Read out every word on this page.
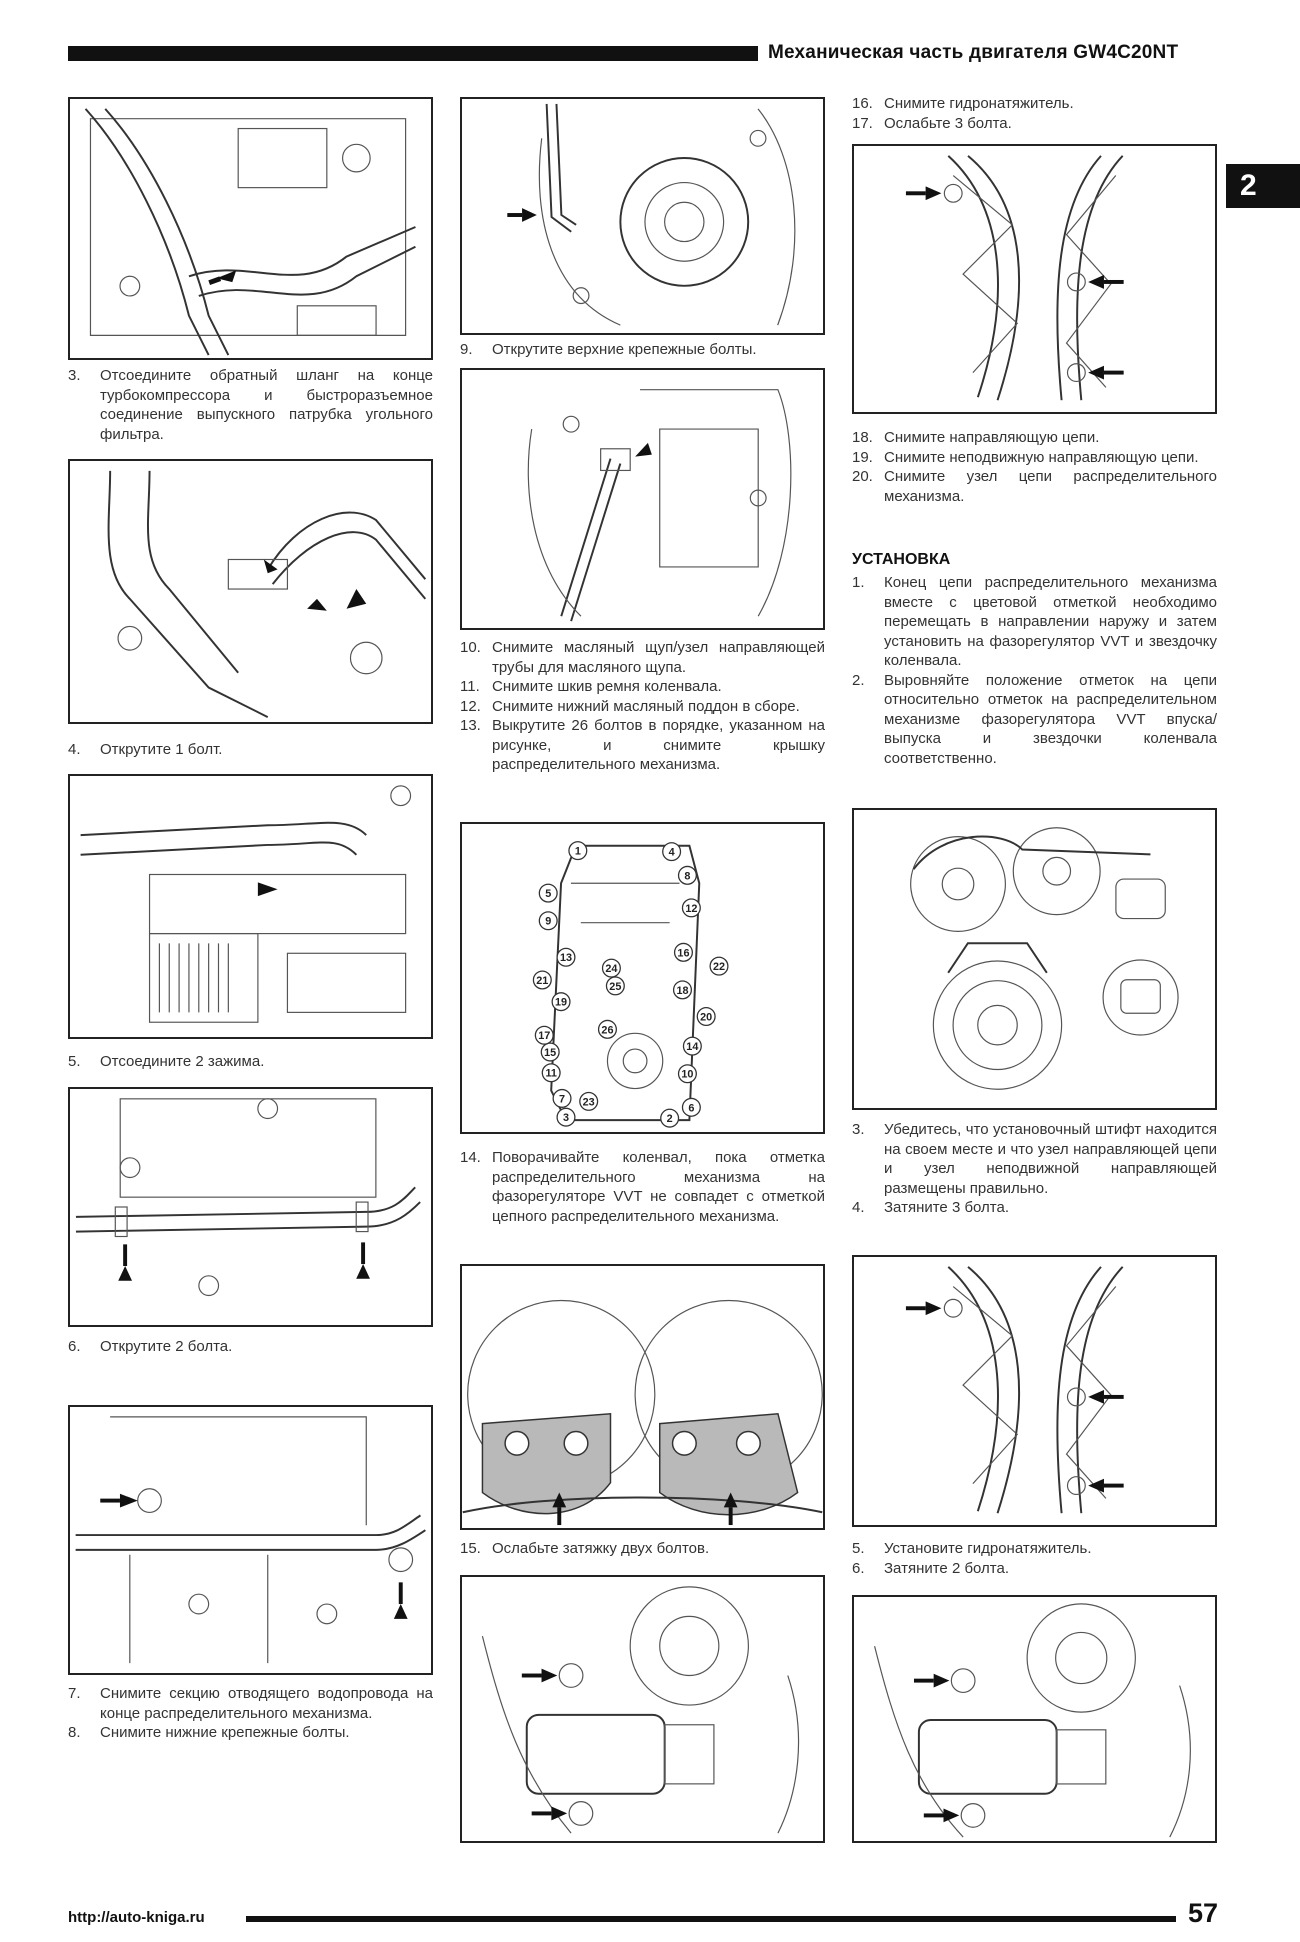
Механическая часть двигателя GW4C20NT
2
3.	Отсоедините обратный шланг на конце турбокомпрессора и быстроразъемное соединение выпускного патрубка угольного фильтра.
4.	Открутите 1 болт.
5.	Отсоедините 2 зажима.
6.	Открутите 2 болта.
7.	Снимите секцию отводящего водопровода на конце распределительного механизма.
8.	Снимите нижние крепежные болты.
9.	Открутите верхние крепежные болты.
10. Снимите масляный щуп/узел направляющей трубы для масляного щупа.
11. Снимите шкив ремня коленвала.
12. Снимите нижний масляный поддон в сборе.
13. Выкрутите 26 болтов в порядке, указанном на рисунке, и снимите крышку распределительного механизма.
1
2
3
4
5
6
7
8
9
10
11
12
13
14
15
16
17
18
19
20
21
22
23
24
25
26
14. Поворачивайте коленвал, пока отметка распределительного механизма на фазорегуляторе VVT не совпадет с отметкой цепного распределительного механизма.
15. Ослабьте затяжку двух болтов.
16. Снимите гидронатяжитель.
17. Ослабьте 3 болта.
18. Снимите направляющую цепи.
19. Снимите неподвижную направляющую цепи.
20. Снимите узел цепи распределительного механизма.
УСТАНОВКА
1.	Конец цепи распределительного механизма вместе с цветовой отметкой необходимо перемещать в направлении наружу и затем установить на фазорегулятор VVT и звездочку коленвала.
2.	Выровняйте положение отметок на цепи относительно отметок на распределительном механизме фазорегулятора VVT впуска/выпуска и звездочки коленвала соответственно.
3.	Убедитесь, что установочный штифт находится на своем месте и что узел направляющей цепи и узел неподвижной направляющей размещены правильно.
4.	Затяните 3 болта.
5.	Установите гидронатяжитель.
6.	Затяните 2 болта.
http://auto-kniga.ru	57
